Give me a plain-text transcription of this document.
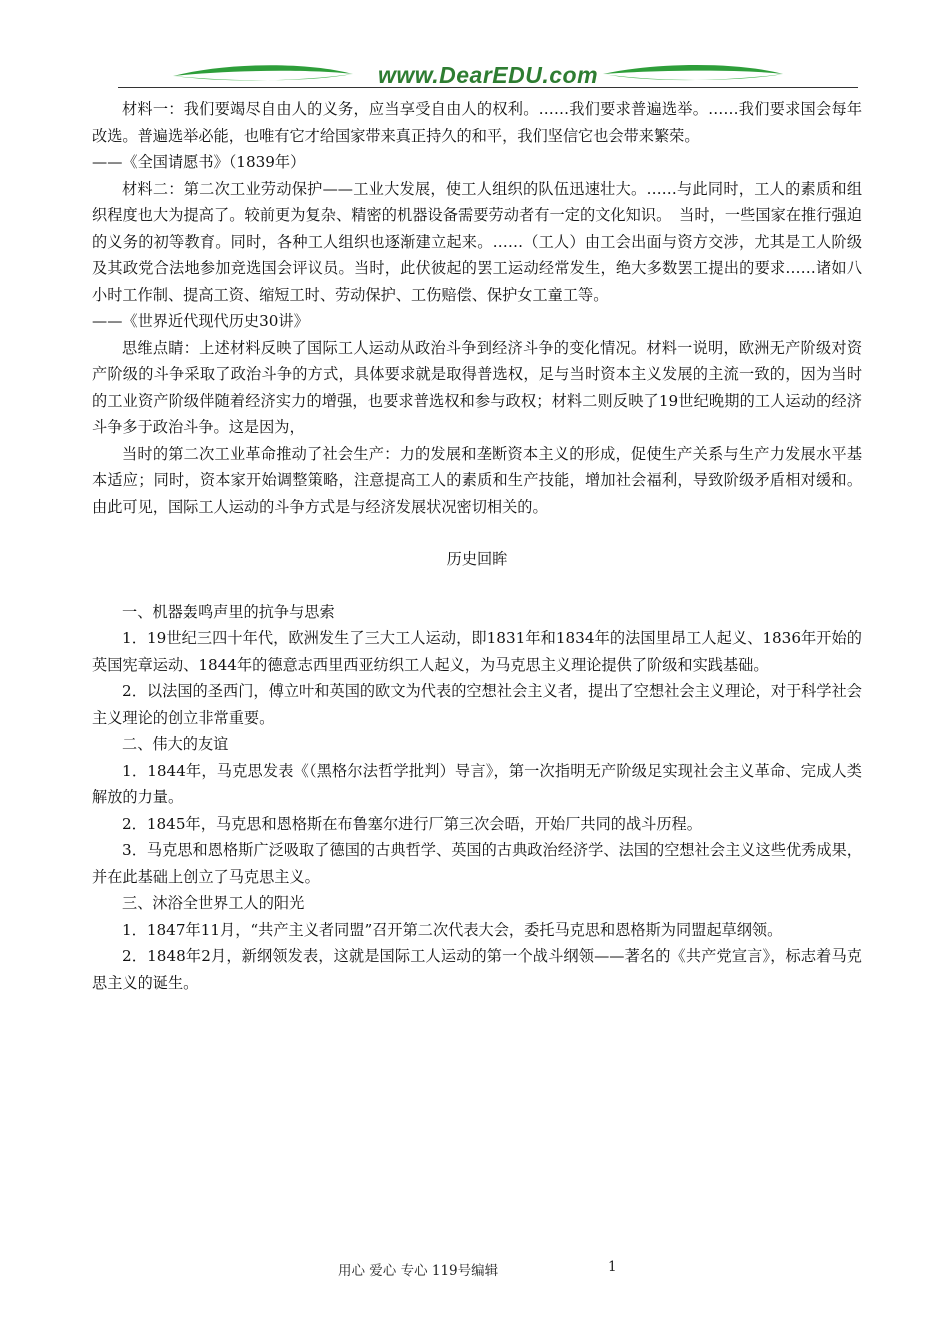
www.DearEDU.com

材料一：我们要竭尽自由人的义务，应当享受自由人的权利。……我们要求普遍选举。……我们要求国会每年改选。普遍选举必能，也唯有它才给国家带来真正持久的和平，我们坚信它也会带来繁荣。

——《全国请愿书》（1839年）

材料二：第二次工业劳动保护——工业大发展，使工人组织的队伍迅速壮大。……与此同时，工人的素质和组织程度也大为提高了。较前更为复杂、精密的机器设备需要劳动者有一定的文化知识。　当时，一些国家在推行强迫的义务的初等教育。同时，各种工人组织也逐渐建立起来。……（工人）由工会出面与资方交涉，尤其是工人阶级及其政党合法地参加竞选国会评议员。当时，此伏彼起的罢工运动经常发生，绝大多数罢工提出的要求……诸如八小时工作制、提高工资、缩短工时、劳动保护、工伤赔偿、保护女工童工等。

——《世界近代现代历史30讲》

思维点睛：上述材料反映了国际工人运动从政治斗争到经济斗争的变化情况。材料一说明，欧洲无产阶级对资产阶级的斗争采取了政治斗争的方式，具体要求就是取得普选权，足与当时资本主义发展的主流一致的，因为当时的工业资产阶级伴随着经济实力的增强，也要求普选权和参与政权；材料二则反映了19世纪晚期的工人运动的经济斗争多于政治斗争。这是因为，

当时的第二次工业革命推动了社会生产：力的发展和垄断资本主义的形成，促使生产关系与生产力发展水平基本适应；同时，资本家开始调整策略，注意提高工人的素质和生产技能，增加社会福利，导致阶级矛盾相对缓和。由此可见，国际工人运动的斗争方式是与经济发展状况密切相关的。

历史回眸

一、机器轰鸣声里的抗争与思索

1．19世纪三四十年代，欧洲发生了三大工人运动，即1831年和1834年的法国里昂工人起义、1836年开始的英国宪章运动、1844年的德意志西里西亚纺织工人起义，为马克思主义理论提供了阶级和实践基础。

2．以法国的圣西门，傅立叶和英国的欧文为代表的空想社会主义者，提出了空想社会主义理论，对于科学社会主义理论的创立非常重要。

二、伟大的友谊

1．1844年，马克思发表《（黑格尔法哲学批判）导言》，第一次指明无产阶级足实现社会主义革命、完成人类解放的力量。

2．1845年，马克思和恩格斯在布鲁塞尔进行厂第三次会晤，开始厂共同的战斗历程。

3．马克思和恩格斯广泛吸取了德国的古典哲学、英国的古典政治经济学、法国的空想社会主义这些优秀成果，并在此基础上创立了马克思主义。

三、沐浴全世界工人的阳光

1．1847年11月，“共产主义者同盟”召开第二次代表大会，委托马克思和恩格斯为同盟起草纲领。

2．1848年2月，新纲领发表，这就是国际工人运动的第一个战斗纲领——著名的《共产党宣言》，标志着马克思主义的诞生。

用心 爱心 专心 119号编辑	1
